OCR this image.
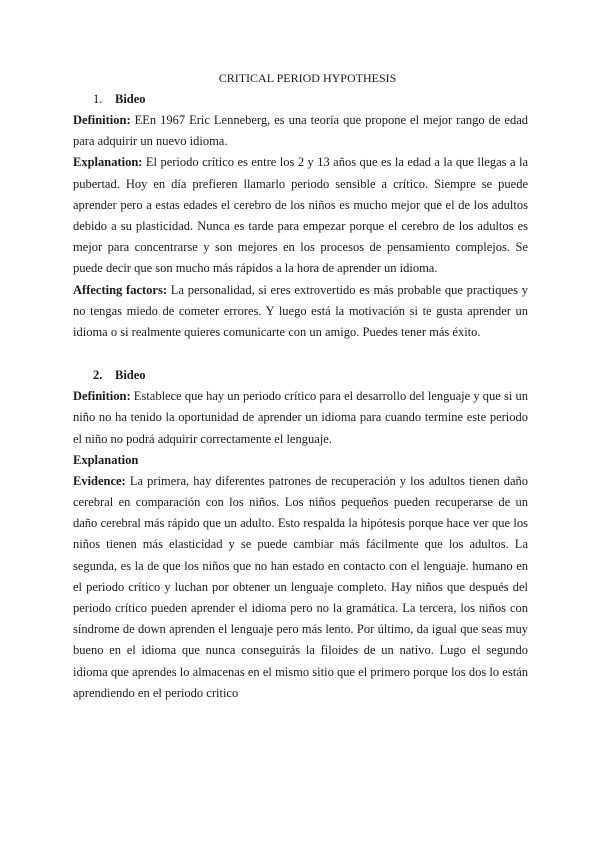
CRITICAL PERIOD HYPOTHESIS
1. Bideo

Definition: EEn 1967 Eric Lenneberg, es una teoría que propone el mejor rango de edad para adquirir un nuevo idioma.

Explanation: El periodo crítico es entre los 2 y 13 años que es la edad a la que llegas a la pubertad. Hoy en día prefieren llamarlo periodo sensible a crítico. Siempre se puede aprender pero a estas edades el cerebro de los niños es mucho mejor que el de los adultos debido a su plasticidad. Nunca es tarde para empezar porque el cerebro de los adultos es mejor para concentrarse y son mejores en los procesos de pensamiento complejos. Se puede decir que son mucho más rápidos a la hora de aprender un idioma.

Affecting factors: La personalidad, si eres extrovertido es más probable que practiques y no tengas miedo de cometer errores. Y luego está la motivación si te gusta aprender un idioma o si realmente quieres comunicarte con un amigo. Puedes tener más éxito.

2. Bideo

Definition: Establece que hay un periodo crítico para el desarrollo del lenguaje y que si un niño no ha tenido la oportunidad de aprender un idioma para cuando termine este periodo el niño no podrá adquirir correctamente el lenguaje.

Explanation

Evidence: La primera, hay diferentes patrones de recuperación y los adultos tienen daño cerebral en comparación con los niños. Los niños pequeños pueden recuperarse de un daño cerebral más rápido que un adulto. Esto respalda la hipótesis porque hace ver que los niños tienen más elasticidad y se puede cambiar más fácilmente que los adultos. La segunda, es la de que los niños que no han estado en contacto con el lenguaje. humano en el periodo crítico y luchan por obtener un lenguaje completo. Hay niños que después del periodo crítico pueden aprender el idioma pero no la gramática. La tercera, los niños con síndrome de down aprenden el lenguaje pero más lento. Por último, da igual que seas muy bueno en el idioma que nunca conseguirás la filoides de un nativo. Lugo el segundo idioma que aprendes lo almacenas en el mismo sitio que el primero porque los dos lo están aprendiendo en el periodo critico
